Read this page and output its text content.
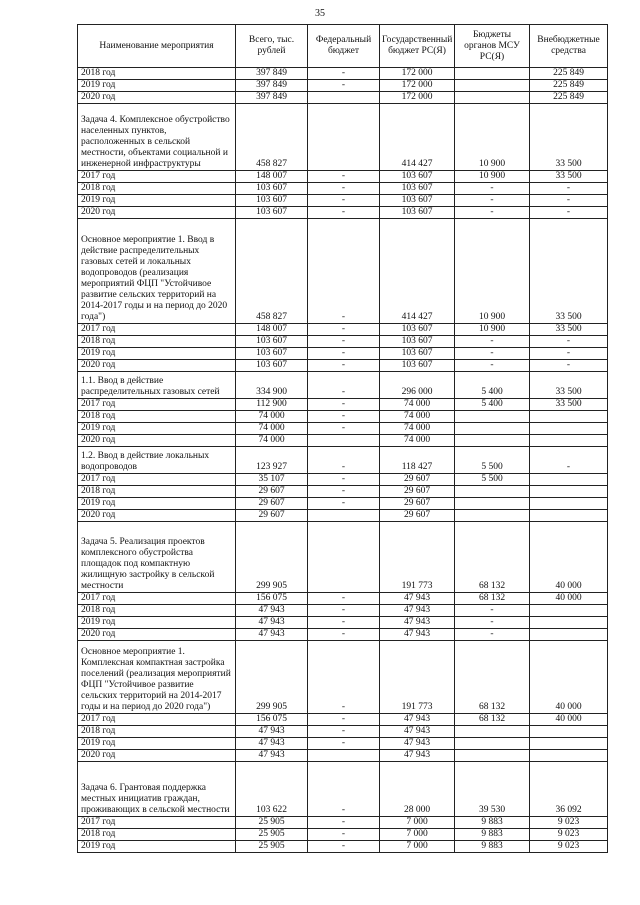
35
Наименование мероприятия	Всего, тыс. рублей	Федеральный бюджет	Государственный бюджет РС(Я)	Бюджеты органов МСУ РС(Я)	Внебюджетные средства
2018 год	397 849	-	172 000		225 849
2019 год	397 849	-	172 000		225 849
2020 год	397 849		172 000		225 849
Задача 4. Комплексное обустройство населенных пунктов, расположенных в сельской местности, объектами социальной и инженерной инфраструктуры	458 827		414 427	10 900	33 500
2017 год	148 007	-	103 607	10 900	33 500
2018 год	103 607	-	103 607	-	-
2019 год	103 607	-	103 607	-	-
2020 год	103 607	-	103 607	-	-
Основное мероприятие 1. Ввод в действие распределительных газовых сетей и локальных водопроводов (реализация мероприятий ФЦП "Устойчивое развитие сельских территорий на 2014-2017 годы и на период до 2020 года")	458 827	-	414 427	10 900	33 500
2017 год	148 007	-	103 607	10 900	33 500
2018 год	103 607	-	103 607	-	-
2019 год	103 607	-	103 607	-	-
2020 год	103 607	-	103 607	-	-
1.1. Ввод в действие распределительных газовых сетей	334 900	-	296 000	5 400	33 500
2017 год	112 900	-	74 000	5 400	33 500
2018 год	74 000	-	74 000		
2019 год	74 000	-	74 000		
2020 год	74 000		74 000		
1.2. Ввод в действие локальных водопроводов	123 927	-	118 427	5 500	-
2017 год	35 107	-	29 607	5 500	
2018 год	29 607	-	29 607		
2019 год	29 607	-	29 607		
2020 год	29 607		29 607		
Задача 5. Реализация проектов комплексного обустройства площадок под компактную жилищную застройку в сельской местности	299 905		191 773	68 132	40 000
2017 год	156 075	-	47 943	68 132	40 000
2018 год	47 943	-	47 943	-	
2019 год	47 943	-	47 943	-	
2020 год	47 943	-	47 943	-	
Основное мероприятие 1. Комплексная компактная застройка поселений (реализация мероприятий ФЦП "Устойчивое развитие сельских территорий на 2014-2017 годы и на период до 2020 года")	299 905	-	191 773	68 132	40 000
2017 год	156 075	-	47 943	68 132	40 000
2018 год	47 943	-	47 943		
2019 год	47 943	-	47 943		
2020 год	47 943		47 943		
Задача 6. Грантовая поддержка местных инициатив граждан, проживающих в сельской местности	103 622	-	28 000	39 530	36 092
2017 год	25 905	-	7 000	9 883	9 023
2018 год	25 905	-	7 000	9 883	9 023
2019 год	25 905	-	7 000	9 883	9 023
